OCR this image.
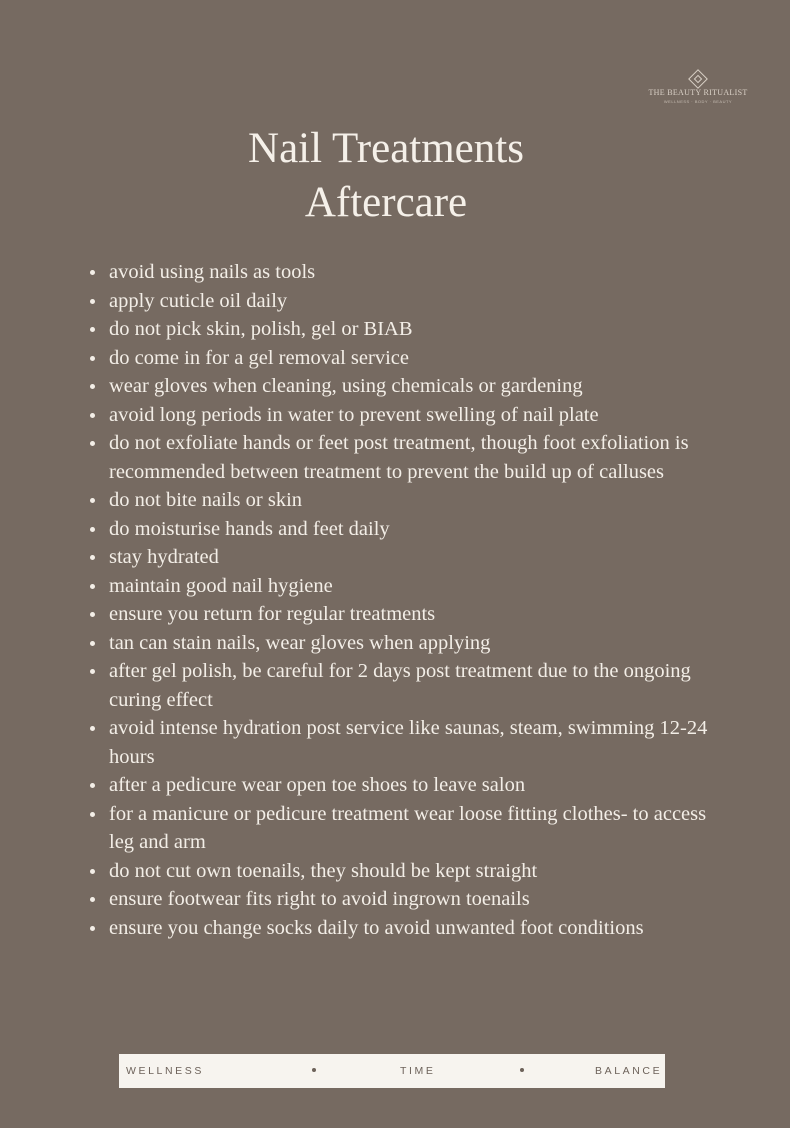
THE BEAUTY RITUALIST
WELLNESS · BODY · BEAUTY
Nail Treatments
Aftercare
avoid using nails as tools
apply cuticle oil daily
do not pick skin, polish, gel or BIAB
do come in for a gel removal service
wear gloves when cleaning, using chemicals or gardening
avoid long periods in water to prevent swelling of nail plate
do not exfoliate hands or feet post treatment, though foot exfoliation is recommended between treatment to prevent the build up of calluses
do not bite nails or skin
do moisturise hands and feet daily
stay hydrated
maintain good nail hygiene
ensure you return for regular treatments
tan can stain nails, wear gloves when applying
after gel polish, be careful for 2 days post treatment due to the ongoing curing effect
avoid intense hydration post service like saunas, steam, swimming 12-24 hours
after a pedicure wear open toe shoes to leave salon
for a manicure or pedicure treatment wear loose fitting clothes- to access leg and arm
do not cut own toenails, they should be kept straight
ensure footwear fits right to avoid ingrown toenails
ensure you change socks daily to avoid unwanted foot conditions
WELLNESS	TIME	BALANCE
